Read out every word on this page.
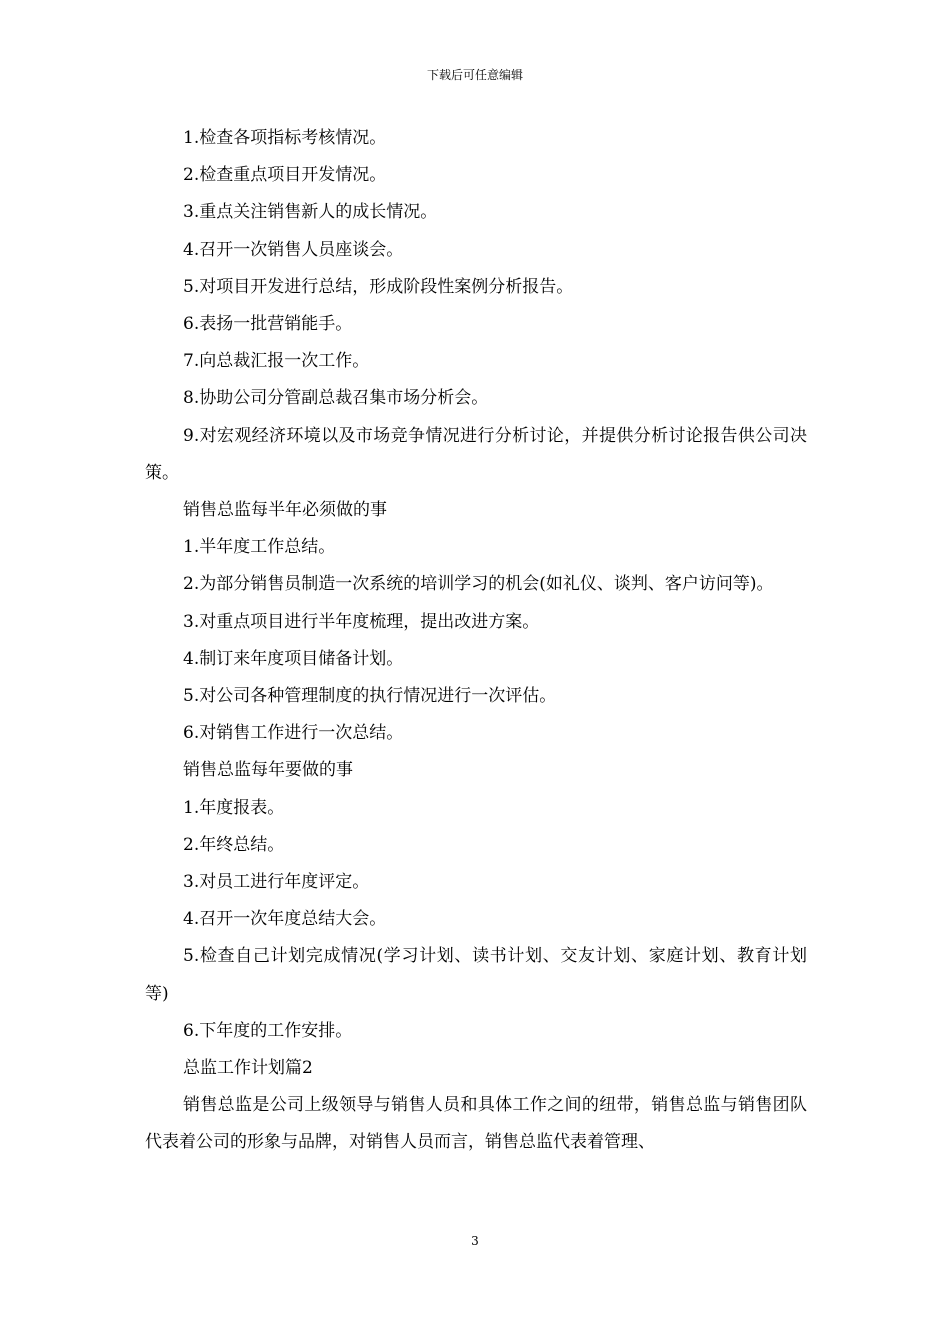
下载后可任意编辑

1.检查各项指标考核情况。

2.检查重点项目开发情况。

3.重点关注销售新人的成长情况。

4.召开一次销售人员座谈会。

5.对项目开发进行总结，形成阶段性案例分析报告。

6.表扬一批营销能手。

7.向总裁汇报一次工作。

8.协助公司分管副总裁召集市场分析会。

9.对宏观经济环境以及市场竞争情况进行分析讨论，并提供分析讨论报告供公司决策。

销售总监每半年必须做的事

1.半年度工作总结。

2.为部分销售员制造一次系统的培训学习的机会(如礼仪、谈判、客户访问等)。

3.对重点项目进行半年度梳理，提出改进方案。

4.制订来年度项目储备计划。

5.对公司各种管理制度的执行情况进行一次评估。

6.对销售工作进行一次总结。

销售总监每年要做的事

1.年度报表。

2.年终总结。

3.对员工进行年度评定。

4.召开一次年度总结大会。

5.检查自己计划完成情况(学习计划、读书计划、交友计划、家庭计划、教育计划等)

6.下年度的工作安排。

总监工作计划篇2

销售总监是公司上级领导与销售人员和具体工作之间的纽带，销售总监与销售团队代表着公司的形象与品牌，对销售人员而言，销售总监代表着管理、

3
